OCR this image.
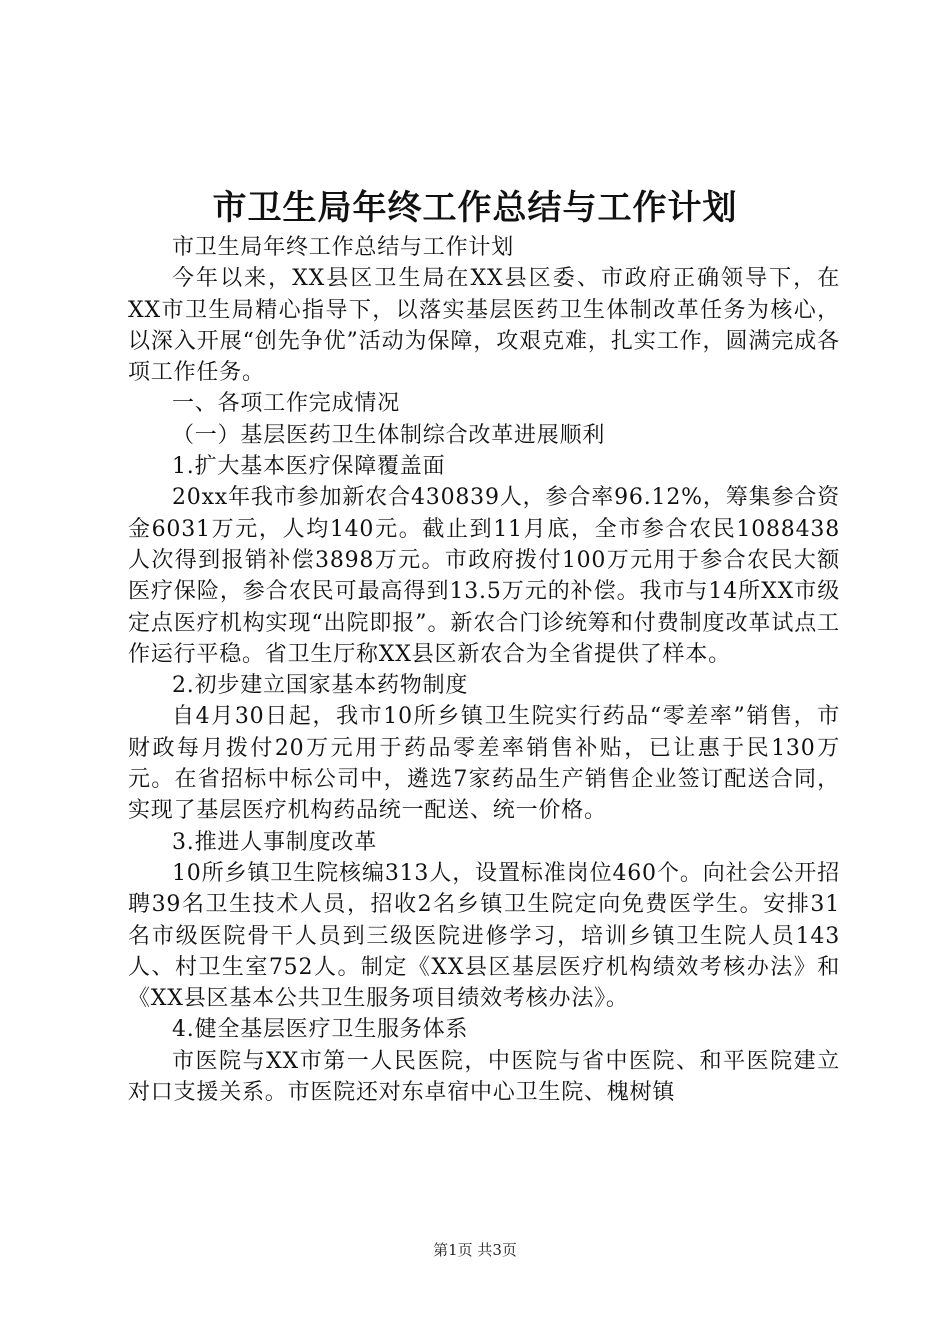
市卫生局年终工作总结与工作计划

市卫生局年终工作总结与工作计划

今年以来，XX县区卫生局在XX县区委、市政府正确领导下，在XX市卫生局精心指导下，以落实基层医药卫生体制改革任务为核心，以深入开展“创先争优”活动为保障，攻艰克难，扎实工作，圆满完成各项工作任务。

一、各项工作完成情况

（一）基层医药卫生体制综合改革进展顺利

1.扩大基本医疗保障覆盖面

20xx年我市参加新农合430839人，参合率96.12%，筹集参合资金6031万元，人均140元。截止到11月底，全市参合农民1088438人次得到报销补偿3898万元。市政府拨付100万元用于参合农民大额医疗保险，参合农民可最高得到13.5万元的补偿。我市与14所XX市级定点医疗机构实现“出院即报”。新农合门诊统筹和付费制度改革试点工作运行平稳。省卫生厅称XX县区新农合为全省提供了样本。

2.初步建立国家基本药物制度

自4月30日起，我市10所乡镇卫生院实行药品“零差率”销售，市财政每月拨付20万元用于药品零差率销售补贴，已让惠于民130万元。在省招标中标公司中，遴选7家药品生产销售企业签订配送合同，实现了基层医疗机构药品统一配送、统一价格。

3.推进人事制度改革

10所乡镇卫生院核编313人，设置标准岗位460个。向社会公开招聘39名卫生技术人员，招收2名乡镇卫生院定向免费医学生。安排31名市级医院骨干人员到三级医院进修学习，培训乡镇卫生院人员143人、村卫生室752人。制定《XX县区基层医疗机构绩效考核办法》和《XX县区基本公共卫生服务项目绩效考核办法》。

4.健全基层医疗卫生服务体系

市医院与XX市第一人民医院，中医院与省中医院、和平医院建立对口支援关系。市医院还对东卓宿中心卫生院、槐树镇

第1页 共3页
